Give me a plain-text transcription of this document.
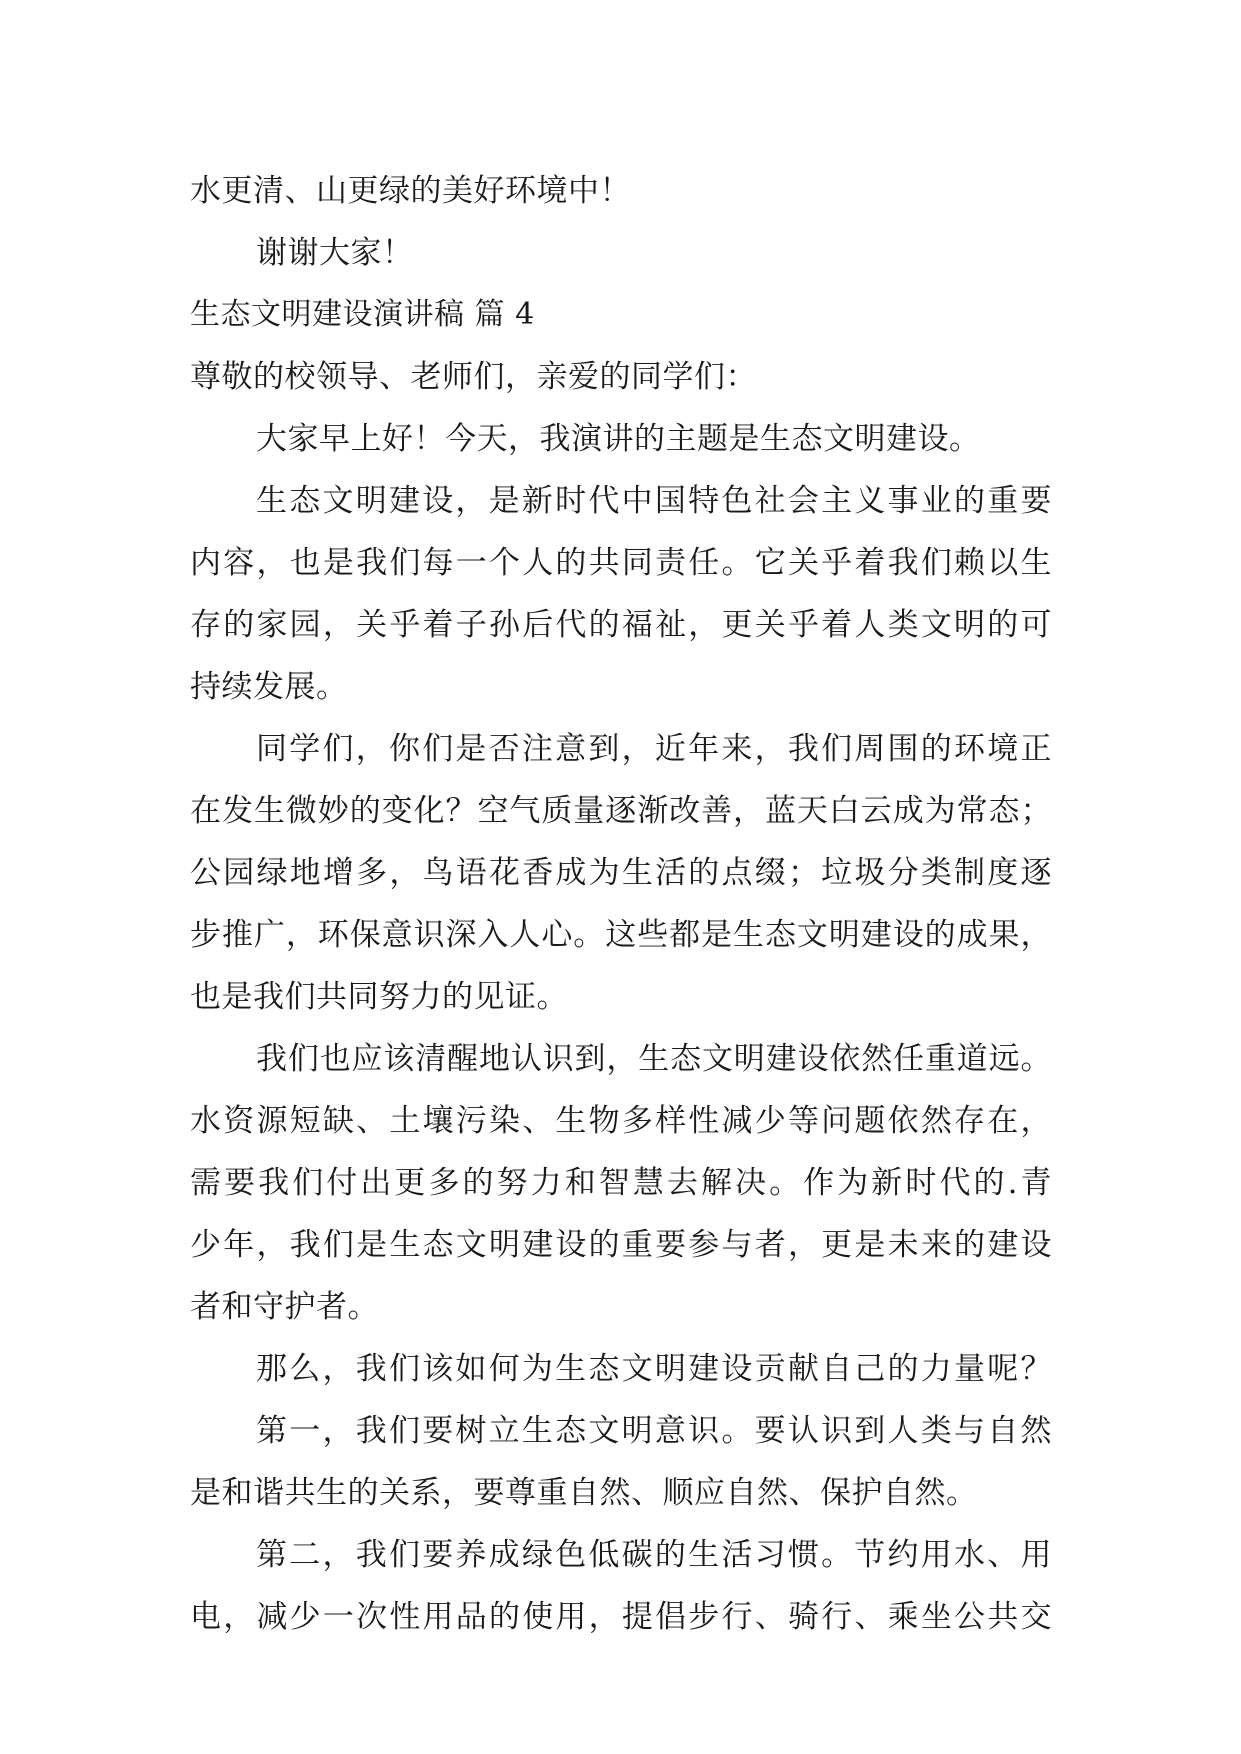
水更清、山更绿的美好环境中！
谢谢大家！
生态文明建设演讲稿 篇 4
尊敬的校领导、老师们，亲爱的同学们：
大家早上好！今天，我演讲的主题是生态文明建设。
生态文明建设，是新时代中国特色社会主义事业的重要
内容，也是我们每一个人的共同责任。它关乎着我们赖以生
存的家园，关乎着子孙后代的福祉，更关乎着人类文明的可
持续发展。
同学们，你们是否注意到，近年来，我们周围的环境正
在发生微妙的变化？空气质量逐渐改善，蓝天白云成为常态；
公园绿地增多，鸟语花香成为生活的点缀；垃圾分类制度逐
步推广，环保意识深入人心。这些都是生态文明建设的成果，
也是我们共同努力的见证。
我们也应该清醒地认识到，生态文明建设依然任重道远。
水资源短缺、土壤污染、生物多样性减少等问题依然存在，
需要我们付出更多的努力和智慧去解决。作为新时代的.青
少年，我们是生态文明建设的重要参与者，更是未来的建设
者和守护者。
那么，我们该如何为生态文明建设贡献自己的力量呢？
第一，我们要树立生态文明意识。要认识到人类与自然
是和谐共生的关系，要尊重自然、顺应自然、保护自然。
第二，我们要养成绿色低碳的生活习惯。节约用水、用
电，减少一次性用品的使用，提倡步行、骑行、乘坐公共交
